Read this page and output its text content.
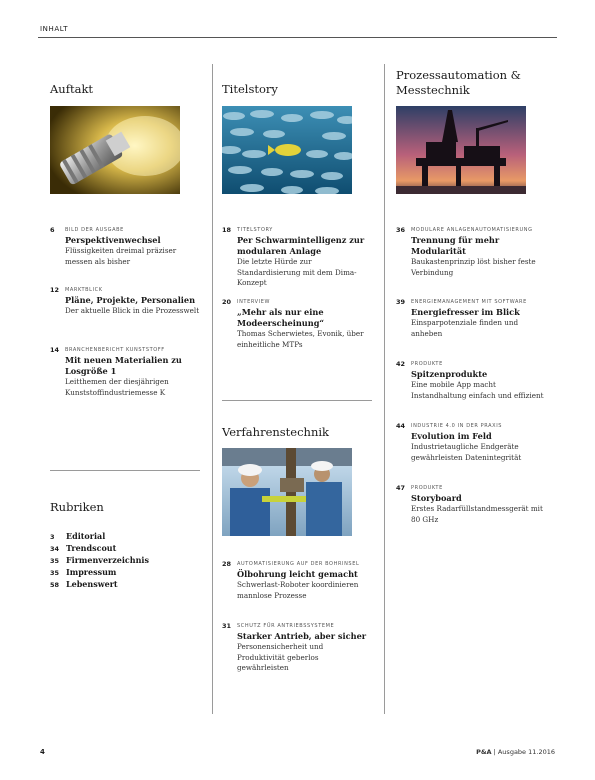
INHALT
Auftakt
6 BILD DER AUSGABE
Perspektivenwechsel
Flüssigkeiten dreimal präziser messen als bisher
12 MARKTBLICK
Pläne, Projekte, Personalien
Der aktuelle Blick in die Prozesswelt
14 BRANCHENBERICHT KUNSTSTOFF
Mit neuen Materialien zu Losgröße 1
Leitthemen der diesjährigen Kunststoffindustriemesse K
Rubriken
3 Editorial
34 Trendscout
35 Firmenverzeichnis
35 Impressum
58 Lebenswert
Titelstory
18 TITELSTORY
Per Schwarmintelligenz zur modularen Anlage
Die letzte Hürde zur Standardisierung mit dem Dima-Konzept
20 INTERVIEW
„Mehr als nur eine Modeerscheinung“
Thomas Scherwietes, Evonik, über einheitliche MTPs
Verfahrenstechnik
28 AUTOMATISIERUNG AUF DER BOHRINSEL
Ölbohrung leicht gemacht
Schwerlast-Roboter koordinieren mannlose Prozesse
31 SCHUTZ FÜR ANTRIEBSSYSTEME
Starker Antrieb, aber sicher
Personensicherheit und Produktivität geberlos gewährleisten
Prozessautomation & Messtechnik
36 MODULARE ANLAGENAUTOMATISIERUNG
Trennung für mehr Modularität
Baukastenprinzip löst bisher feste Verbindung
39 ENERGIEMANAGEMENT MIT SOFTWARE
Energiefresser im Blick
Einsparpotenziale finden und anheben
42 PRODUKTE
Spitzenprodukte
Eine mobile App macht Instandhaltung einfach und effizient
44 INDUSTRIE 4.0 IN DER PRAXIS
Evolution im Feld
Industrietaugliche Endgeräte gewährleisten Datenintegrität
47 PRODUKTE
Storyboard
Erstes Radarfüllstandmessgerät mit 80 GHz
4	P&A | Ausgabe 11.2016
